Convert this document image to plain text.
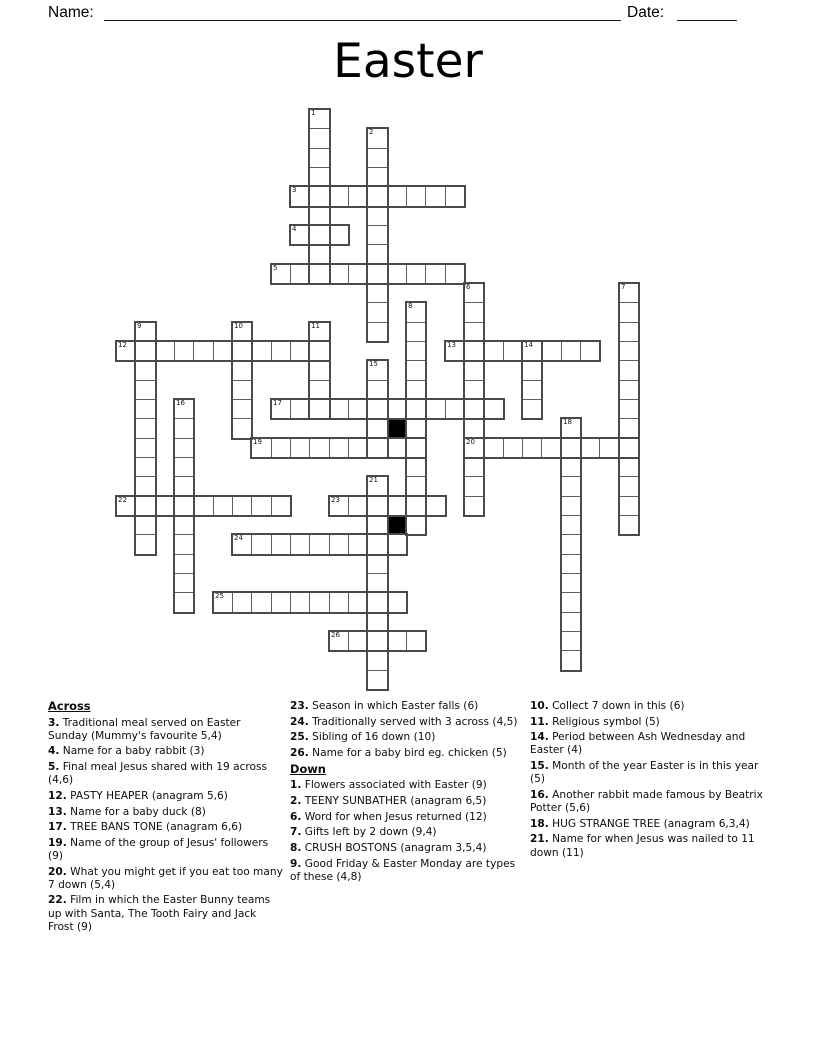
Name:	Date:
Easter
3
4
5
12	13
17
19	20
22	23
24
25
26
1
2
6	7
8
9	10	11
14
15
16
18
21
Across
3. Traditional meal served on Easter Sunday (Mummy's favourite 5,4)
4. Name for a baby rabbit (3)
5. Final meal Jesus shared with 19 across (4,6)
12. PASTY HEAPER (anagram 5,6)
13. Name for a baby duck (8)
17. TREE BANS TONE (anagram 6,6)
19. Name of the group of Jesus' followers (9)
20. What you might get if you eat too many 7 down (5,4)
22. Film in which the Easter Bunny teams up with Santa, The Tooth Fairy and Jack Frost (9)
23. Season in which Easter falls (6)
24. Traditionally served with 3 across (4,5)
25. Sibling of 16 down (10)
26. Name for a baby bird eg. chicken (5)
Down
1. Flowers associated with Easter (9)
2. TEENY SUNBATHER (anagram 6,5)
6. Word for when Jesus returned (12)
7. Gifts left by 2 down (9,4)
8. CRUSH BOSTONS (anagram 3,5,4)
9. Good Friday & Easter Monday are types of these (4,8)
10. Collect 7 down in this (6)
11. Religious symbol (5)
14. Period between Ash Wednesday and Easter (4)
15. Month of the year Easter is in this year (5)
16. Another rabbit made famous by Beatrix Potter (5,6)
18. HUG STRANGE TREE (anagram 6,3,4)
21. Name for when Jesus was nailed to 11 down (11)
